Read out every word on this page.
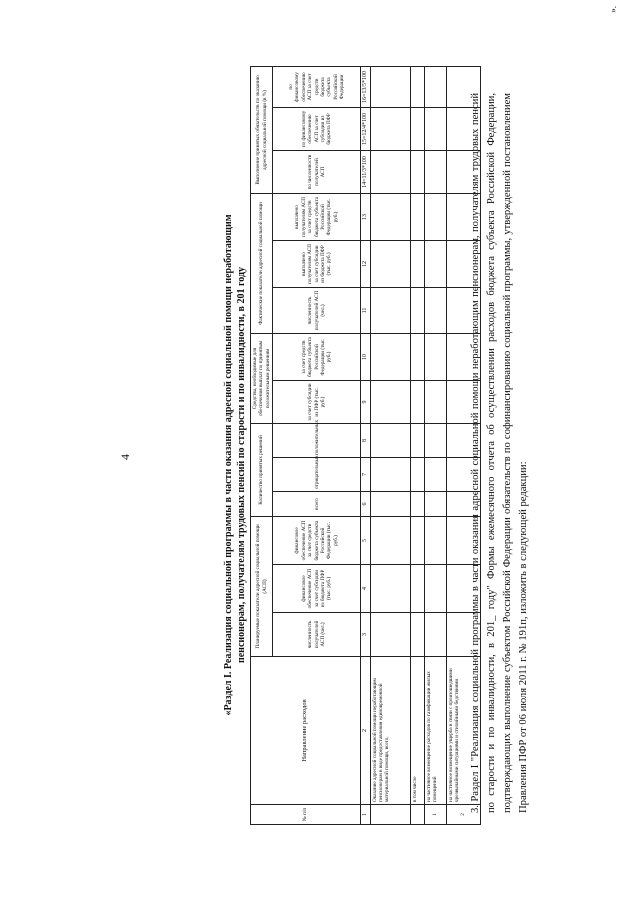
4	3. Раздел I "Реализация социальной программы в части оказания адресной социальной помощи неработающим пенсионерам, получателям трудовых пенсий по старости и по инвалидности, в 201_ году" Формы ежемесячного отчета об осуществлении расходов бюджета субъекта Российской Федерации, подтверждающих выполнение субъектом Российской Федерации обязательств по софинансированию социальной программы, утвержденной постановлением Правления ПФР от 06 июля 2011 г. № 191п, изложить в следующей редакции:
«Раздел I. Реализация социальной программы в части оказания адресной социальной помощи неработающим пенсионерам, получателям трудовых пенсий по старости и по инвалидности, в 201 году
№ п/п	Направление расходов	Планируемые показатели адресной социальной помощи (АСП)			Количество принятых решений			Средства, необходимые для обеспечения выплат по принятым положительным решениям		Фактические показатели адресной социальной помощи			Выполнение принятых обязательств по оказанию адресной социальной помощи (в %)		
		численность получателей АСП (чел.)	финансовое обеспечение АСП за счет субсидии из бюджета ПФР (тыс. руб.)	финансовое обеспечение АСП за счет средств бюджета субъекта Российской Федерации (тыс. руб.)	всего	отрицательных	положительных	за счет субсидии из ПФР (тыс. руб.)	за счет средств бюджета субъекта Российской Федерации (тыс. руб.)	численность получателей АСП (чел.)	выплачено получателям АСП за счет субсидии из бюджета ПФР (тыс. руб.)	выплачено получателям АСП за счет средств бюджета субъекта Российской Федерации (тыс. руб.)	по численности получателей АСП	по финансовому обеспечению АСП за счет субсидии из бюджета ПФР	по финансовому обеспечению АСП за счет средств бюджета субъекта Российской Федерации
1	2	3	4	5	6	7	8	9	10	11	12	13	14=11/3*100	15=12/4*100	16=13/5*100
	Оказание адресной социальной помощи неработающим пенсионерам в виде предоставления единовременной материальной помощи, всего,														
	в том числе														
1	на частичное возмещение расходов по газификации жилых помещений														
2	на частичное возмещение ущерба в связи с произошедшими чрезвычайными ситуациями и стихийными бедствиями														
».
